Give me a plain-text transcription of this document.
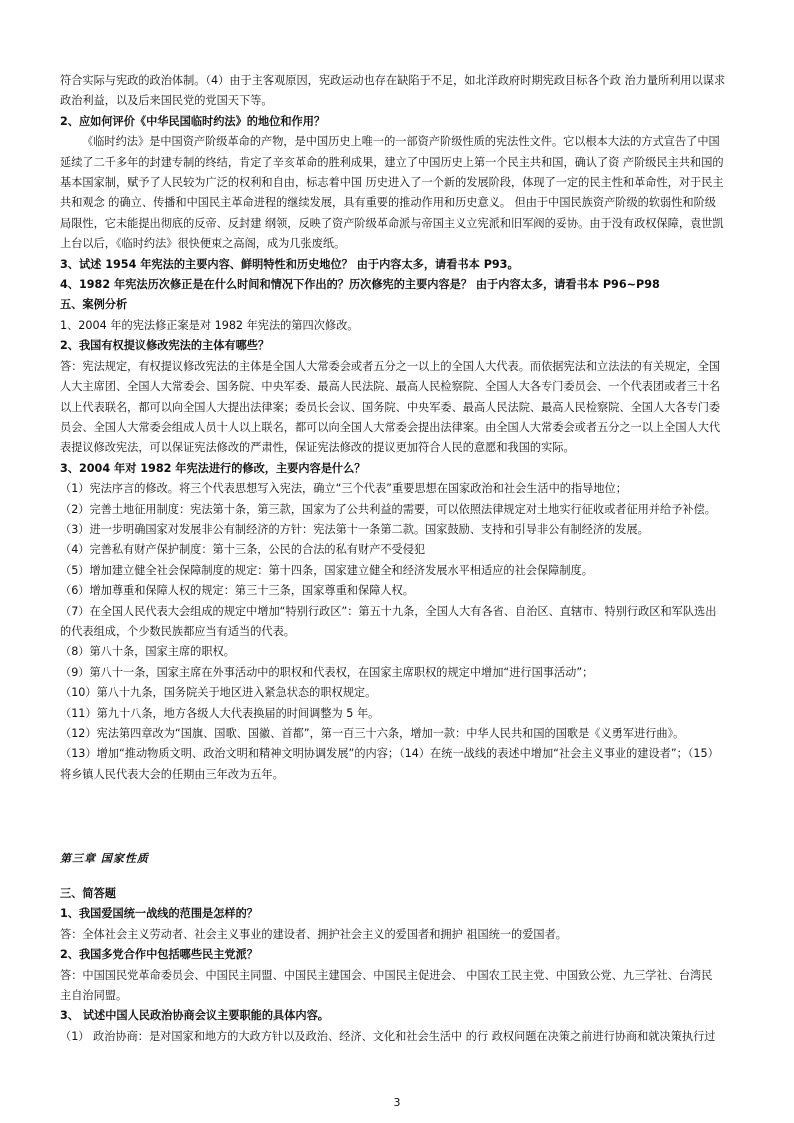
符合实际与宪政的政治体制。（4）由于主客观原因，宪政运动也存在缺陷于不足，如北洋政府时期宪政目标各个政 治力量所利用以谋求
政治利益，以及后来国民党的党国天下等。
2、应如何评价《中华民国临时约法》的地位和作用？
《临时约法》是中国资产阶级革命的产物，是中国历史上唯一的一部资产阶级性质的宪法性文件。它以根本大法的方式宣告了中国
延续了二千多年的封建专制的终结，肯定了辛亥革命的胜利成果，建立了中国历史上第一个民主共和国，确认了资 产阶级民主共和国的
基本国家制，赋予了人民较为广泛的权利和自由，标志着中国 历史进入了一个新的发展阶段，体现了一定的民主性和革命性，对于民主
共和观念 的确立、传播和中国民主革命进程的继续发展，具有重要的推动作用和历史意义。 但由于中国民族资产阶级的软弱性和阶级
局限性，它未能提出彻底的反帝、反封建 纲领，反映了资产阶级革命派与帝国主义立宪派和旧军阀的妥协。由于没有政权保障，袁世凯
上台以后，《临时约法》很快便束之高阁，成为几张废纸。
3、试述 1954 年宪法的主要内容、鲜明特性和历史地位？ 由于内容太多，请看书本 P93。
4、1982 年宪法历次修正是在什么时间和情况下作出的？历次修宪的主要内容是？ 由于内容太多，请看书本 P96~P98
五、案例分析
1、2004 年的宪法修正案是对 1982 年宪法的第四次修改。
2、我国有权提议修改宪法的主体有哪些？
答：宪法规定，有权提议修改宪法的主体是全国人大常委会或者五分之一以上的全国人大代表。而依据宪法和立法法的有关规定，全国
人大主席团、全国人大常委会、国务院、中央军委、最高人民法院、最高人民检察院、全国人大各专门委员会、一个代表团或者三十名
以上代表联名，都可以向全国人大提出法律案；委员长会议、国务院、中央军委、最高人民法院、最高人民检察院、全国人大各专门委
员会、全国人大常委会组成人员十人以上联名，都可以向全国人大常委会提出法律案。由全国人大常委会或者五分之一以上全国人大代
表提议修改宪法，可以保证宪法修改的严肃性，保证宪法修改的提议更加符合人民的意愿和我国的实际。
3、2004 年对 1982 年宪法进行的修改，主要内容是什么？
（1）宪法序言的修改。将三个代表思想写入宪法，确立“三个代表”重要思想在国家政治和社会生活中的指导地位；
（2）完善土地征用制度：宪法第十条，第三款，国家为了公共利益的需要，可以依照法律规定对土地实行征收或者征用并给予补偿。
（3）进一步明确国家对发展非公有制经济的方针：宪法第十一条第二款。国家鼓励、支持和引导非公有制经济的发展。
（4）完善私有财产保护制度：第十三条，公民的合法的私有财产不受侵犯
（5）增加建立健全社会保障制度的规定：第十四条，国家建立健全和经济发展水平相适应的社会保障制度。
（6）增加尊重和保障人权的规定：第三十三条，国家尊重和保障人权。
（7）在全国人民代表大会组成的规定中增加“特别行政区”：第五十九条，全国人大有各省、自治区、直辖市、特别行政区和军队选出
的代表组成，个少数民族都应当有适当的代表。
（8）第八十条，国家主席的职权。
（9）第八十一条，国家主席在外事活动中的职权和代表权，在国家主席职权的规定中增加“进行国事活动”；
（10）第八十九条，国务院关于地区进入紧急状态的职权规定。
（11）第九十八条，地方各级人大代表换届的时间调整为 5 年。
（12）宪法第四章改为“国旗、国歌、国徽、首都”，第一百三十六条，增加一款：中华人民共和国的国歌是《义勇军进行曲》。
（13）增加“推动物质文明、政治文明和精神文明协调发展”的内容；（14）在统一战线的表述中增加“社会主义事业的建设者”；（15）
将乡镇人民代表大会的任期由三年改为五年。
第三章 国家性质
三、简答题
1、我国爱国统一战线的范围是怎样的？
答：全体社会主义劳动者、社会主义事业的建设者、拥护社会主义的爱国者和拥护 祖国统一的爱国者。
2、我国多党合作中包括哪些民主党派？
答：中国国民党革命委员会、中国民主同盟、中国民主建国会、中国民主促进会、 中国农工民主党、中国致公党、九三学社、台湾民
主自治同盟。
3、 试述中国人民政治协商会议主要职能的具体内容。
（1） 政治协商：是对国家和地方的大政方针以及政治、经济、文化和社会生活中 的行 政权问题在决策之前进行协商和就决策执行过
3
